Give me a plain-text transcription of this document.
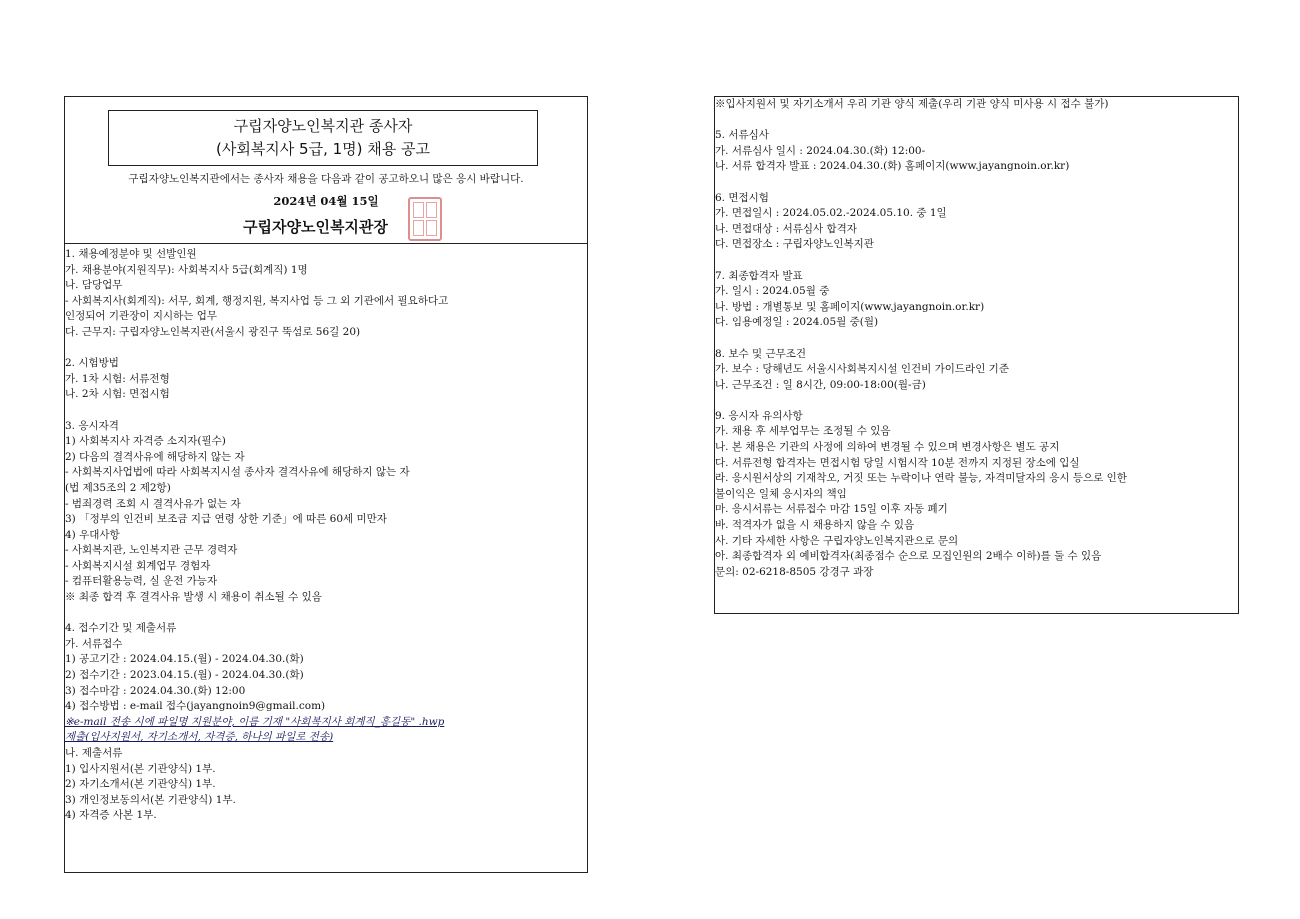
구립자양노인복지관 종사자
(사회복지사 5급, 1명) 채용 공고
구립자양노인복지관에서는 종사자 채용을 다음과 같이 공고하오니 많은 응시 바랍니다.
2024년 04월 15일
구립자양노인복지관장
1. 채용예정분야 및 선발인원
가. 채용분야(지원직무): 사회복지사 5급(회계직) 1명
나. 담당업무
- 사회복지사(회계직): 서무, 회계, 행정지원, 복지사업 등 그 외 기관에서 필요하다고
인정되어 기관장이 지시하는 업무
다. 근무지: 구립자양노인복지관(서울시 광진구 뚝섬로 56길 20)
2. 시험방법
가. 1차 시험: 서류전형
나. 2차 시험: 면접시험
3. 응시자격
1) 사회복지사 자격증 소지자(필수)
2) 다음의 결격사유에 해당하지 않는 자
- 사회복지사업법에 따라 사회복지시설 종사자 결격사유에 해당하지 않는 자
(법 제35조의 2 제2항)
- 범죄경력 조회 시 결격사유가 없는 자
3) 「정부의 인건비 보조금 지급 연령 상한 기준」에 따른 60세 미만자
4) 우대사항
- 사회복지관, 노인복지관 근무 경력자
- 사회복지시설 회계업무 경험자
- 컴퓨터활용능력, 실 운전 가능자
※ 최종 합격 후 결격사유 발생 시 채용이 취소될 수 있음
4. 접수기간 및 제출서류
가. 서류접수
1) 공고기간 : 2024.04.15.(월) - 2024.04.30.(화)
2) 접수기간 : 2023.04.15.(월) - 2024.04.30.(화)
3) 접수마감 : 2024.04.30.(화) 12:00
4) 접수방법 : e-mail 접수(jayangnoin9@gmail.com)
※e-mail 전송 시에 파일명 지원분야, 이름 기재 "사회복지사 회계직_홍길동" .hwp
제출(입사지원서, 자기소개서, 자격증, 하나의 파일로 전송)
나. 제출서류
1) 입사지원서(본 기관양식) 1부.
2) 자기소개서(본 기관양식) 1부.
3) 개인정보동의서(본 기관양식) 1부.
4) 자격증 사본 1부.
※입사지원서 및 자기소개서 우리 기관 양식 제출(우리 기관 양식 미사용 시 접수 불가)
5. 서류심사
가. 서류심사 일시 : 2024.04.30.(화) 12:00-
나. 서류 합격자 발표 : 2024.04.30.(화) 홈페이지(www.jayangnoin.or.kr)
6. 면접시험
가. 면접일시 : 2024.05.02.-2024.05.10. 중 1일
나. 면접대상 : 서류심사 합격자
다. 면접장소 : 구립자양노인복지관
7. 최종합격자 발표
가. 일시 : 2024.05월 중
나. 방법 : 개별통보 및 홈페이지(www.jayangnoin.or.kr)
다. 임용예정일 : 2024.05월 중(월)
8. 보수 및 근무조건
가. 보수 : 당해년도 서울시사회복지시설 인건비 가이드라인 기준
나. 근무조건 : 일 8시간, 09:00-18:00(월-금)
9. 응시자 유의사항
가. 채용 후 세부업무는 조정될 수 있음
나. 본 채용은 기관의 사정에 의하여 변경될 수 있으며 변경사항은 별도 공지
다. 서류전형 합격자는 면접시험 당일 시험시작 10분 전까지 지정된 장소에 입실
라. 응시원서상의 기재착오, 거짓 또는 누락이나 연락 불능, 자격미달자의 응시 등으로 인한
불이익은 일체 응시자의 책임
마. 응시서류는 서류접수 마감 15일 이후 자동 폐기
바. 적격자가 없을 시 채용하지 않을 수 있음
사. 기타 자세한 사항은 구립자양노인복지관으로 문의
아. 최종합격자 외 예비합격자(최종점수 순으로 모집인원의 2배수 이하)를 둘 수 있음
문의: 02-6218-8505 강경구 과장
